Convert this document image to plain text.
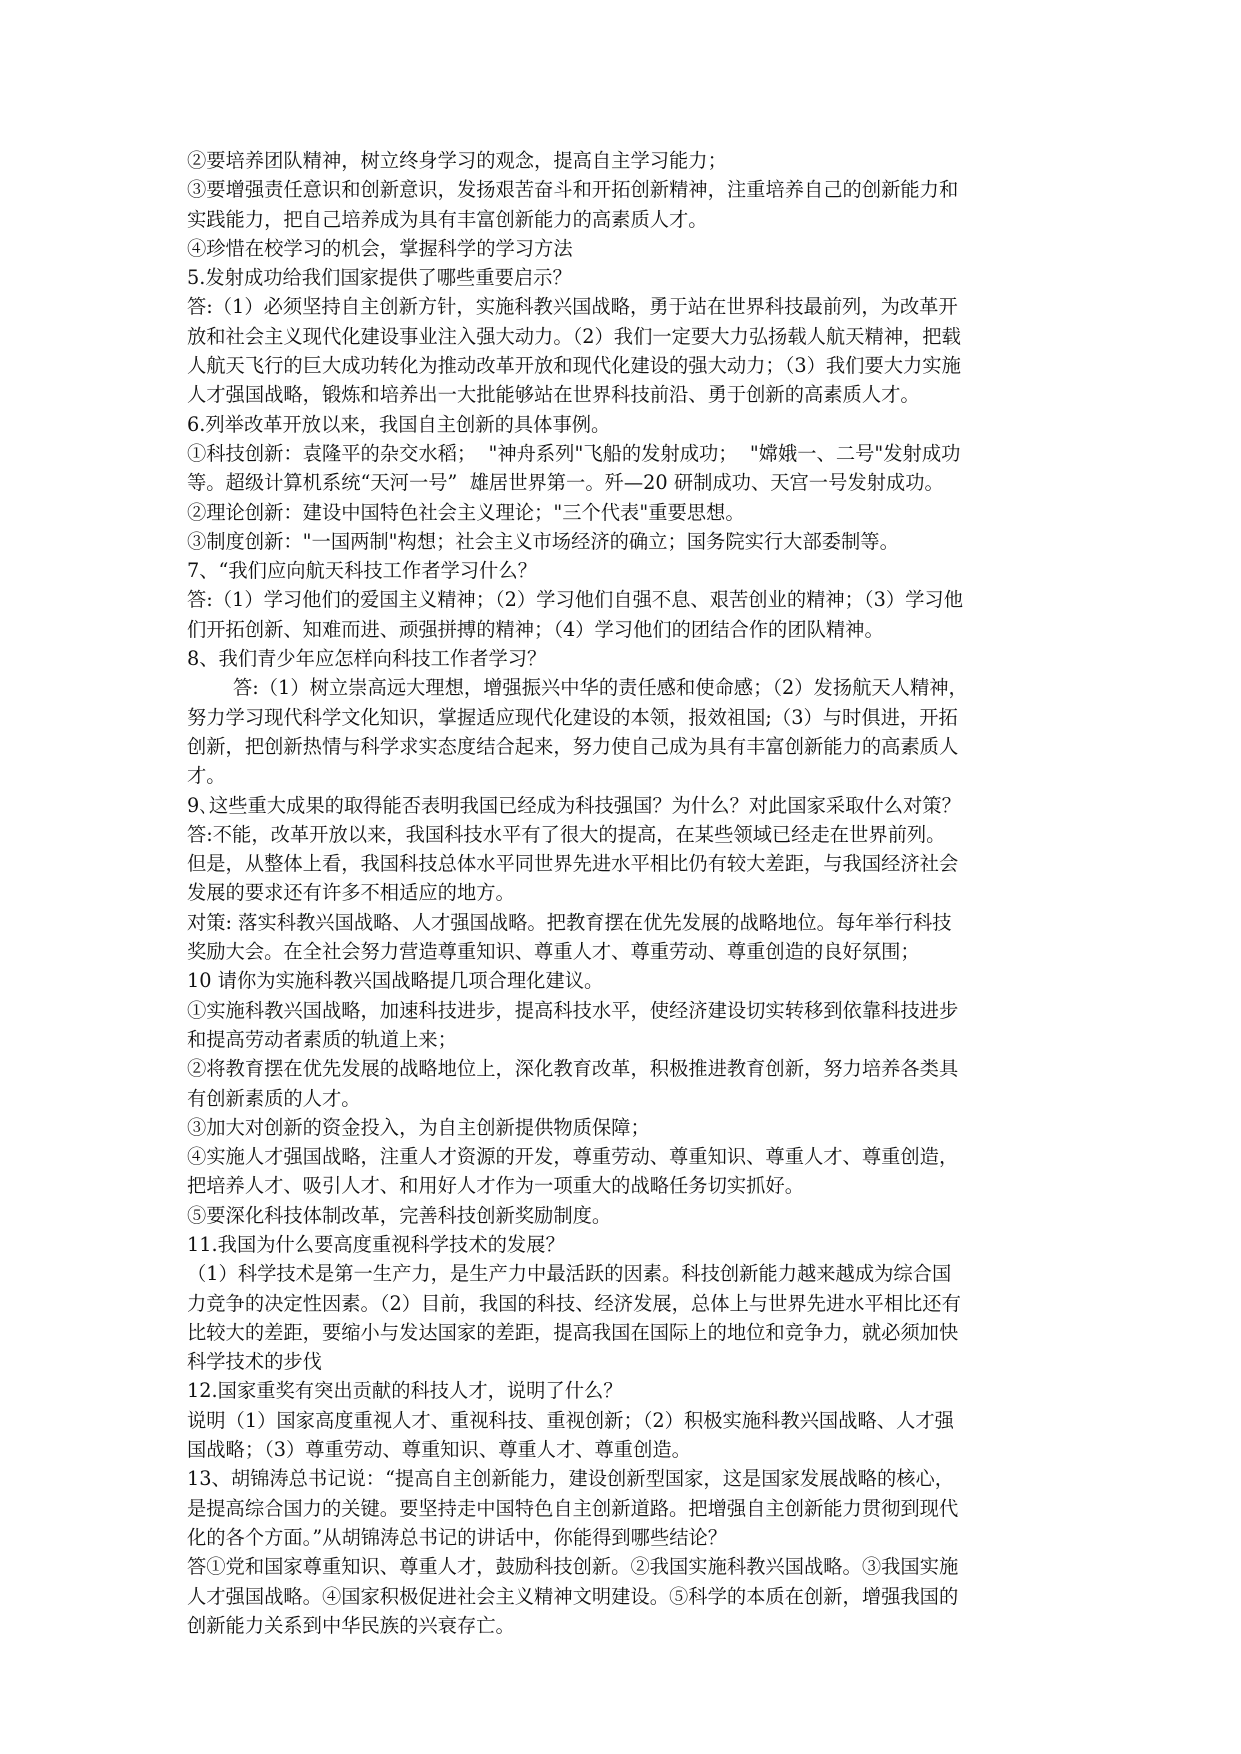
②要培养团队精神，树立终身学习的观念，提高自主学习能力；
③要增强责任意识和创新意识，发扬艰苦奋斗和开拓创新精神，注重培养自己的创新能力和
实践能力，把自己培养成为具有丰富创新能力的高素质人才。
④珍惜在校学习的机会，掌握科学的学习方法
5.发射成功给我们国家提供了哪些重要启示？
答:（1）必须坚持自主创新方针，实施科教兴国战略，勇于站在世界科技最前列，为改革开
放和社会主义现代化建设事业注入强大动力。（2）我们一定要大力弘扬载人航天精神，把载
人航天飞行的巨大成功转化为推动改革开放和现代化建设的强大动力；（3）我们要大力实施
人才强国战略，锻炼和培养出一大批能够站在世界科技前沿、勇于创新的高素质人才。
6.列举改革开放以来，我国自主创新的具体事例。
①科技创新：袁隆平的杂交水稻；  "神舟系列"飞船的发射成功；  "嫦娥一、二号"发射成功
等。超级计算机系统“天河一号”  雄居世界第一。歼—20 研制成功、天宫一号发射成功。
②理论创新：建设中国特色社会主义理论；"三个代表"重要思想。
③制度创新："一国两制"构想；社会主义市场经济的确立；国务院实行大部委制等。
7、“我们应向航天科技工作者学习什么？
答:（1）学习他们的爱国主义精神；（2）学习他们自强不息、艰苦创业的精神；（3）学习他
们开拓创新、知难而进、顽强拼搏的精神；（4）学习他们的团结合作的团队精神。
8、我们青少年应怎样向科技工作者学习？
答:（1）树立崇高远大理想，增强振兴中华的责任感和使命感；（2）发扬航天人精神，
努力学习现代科学文化知识，掌握适应现代化建设的本领，报效祖国;（3）与时俱进，开拓
创新，把创新热情与科学求实态度结合起来，努力使自己成为具有丰富创新能力的高素质人
才。
9､这些重大成果的取得能否表明我国已经成为科技强国？为什么？对此国家采取什么对策？
答:不能，改革开放以来，我国科技水平有了很大的提高，在某些领域已经走在世界前列。
但是，从整体上看，我国科技总体水平同世界先进水平相比仍有较大差距，与我国经济社会
发展的要求还有许多不相适应的地方。
对策: 落实科教兴国战略、人才强国战略。把教育摆在优先发展的战略地位。每年举行科技
奖励大会。在全社会努力营造尊重知识、尊重人才、尊重劳动、尊重创造的良好氛围；
10 请你为实施科教兴国战略提几项合理化建议。
①实施科教兴国战略，加速科技进步，提高科技水平，使经济建设切实转移到依靠科技进步
和提高劳动者素质的轨道上来；
②将教育摆在优先发展的战略地位上，深化教育改革，积极推进教育创新，努力培养各类具
有创新素质的人才。
③加大对创新的资金投入，为自主创新提供物质保障；
④实施人才强国战略，注重人才资源的开发，尊重劳动、尊重知识、尊重人才、尊重创造，
把培养人才、吸引人才、和用好人才作为一项重大的战略任务切实抓好。
⑤要深化科技体制改革，完善科技创新奖励制度。
11.我国为什么要高度重视科学技术的发展？
（1）科学技术是第一生产力，是生产力中最活跃的因素。科技创新能力越来越成为综合国
力竞争的决定性因素。（2）目前，我国的科技、经济发展，总体上与世界先进水平相比还有
比较大的差距，要缩小与发达国家的差距，提高我国在国际上的地位和竞争力，就必须加快
科学技术的步伐
12.国家重奖有突出贡献的科技人才，说明了什么？
说明（1）国家高度重视人才、重视科技、重视创新；（2）积极实施科教兴国战略、人才强
国战略；（3）尊重劳动、尊重知识、尊重人才、尊重创造。
13、胡锦涛总书记说：“提高自主创新能力，建设创新型国家，这是国家发展战略的核心，
是提高综合国力的关键。要坚持走中国特色自主创新道路。把增强自主创新能力贯彻到现代
化的各个方面。”从胡锦涛总书记的讲话中，你能得到哪些结论？
答①党和国家尊重知识、尊重人才，鼓励科技创新。②我国实施科教兴国战略。③我国实施
人才强国战略。④国家积极促进社会主义精神文明建设。⑤科学的本质在创新，增强我国的
创新能力关系到中华民族的兴衰存亡。
